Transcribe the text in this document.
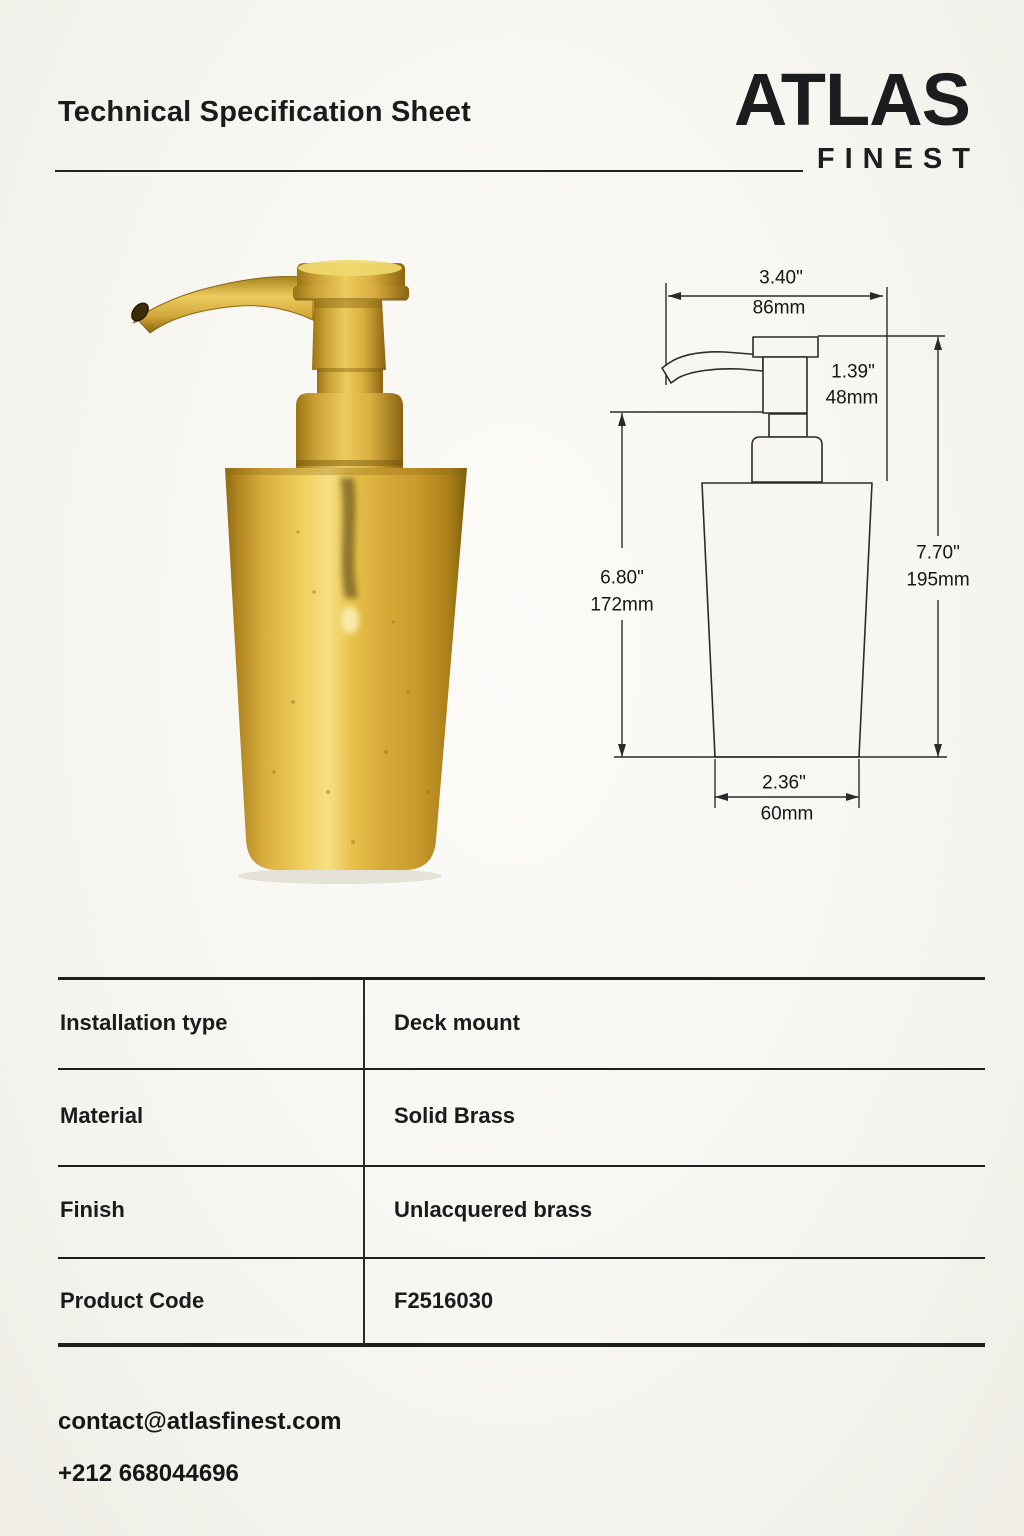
Technical Specification Sheet	ATLAS
FINEST
3.40"
86mm
1.39"
48mm
6.80"
172mm
7.70"
195mm
2.36"
60mm
Installation type	Deck mount
Material	Solid Brass
Finish	Unlacquered brass
Product Code	F2516030
contact@atlasfinest.com
+212 668044696
